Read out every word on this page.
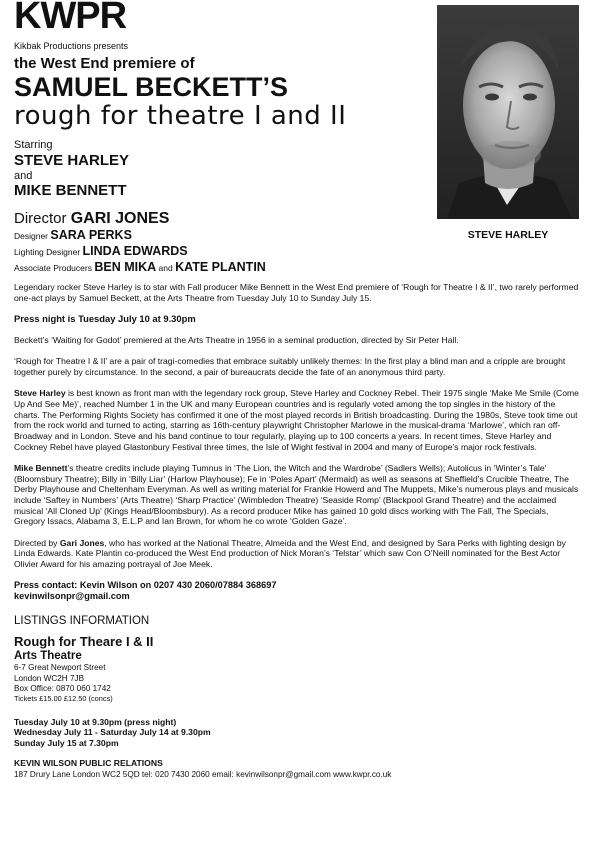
KWPR
Kikbak Productions presents
the West End premiere of
SAMUEL BECKETT’S
rough for theatre I and II
Starring
STEVE HARLEY
and
MIKE BENNETT
Director GARI JONES
Designer SARA PERKS
Lighting Designer LINDA EDWARDS
Associate Producers BEN MIKA and KATE PLANTIN
STEVE HARLEY

Legendary rocker Steve Harley is to star with Fall producer Mike Bennett in the West End premiere of ‘Rough for Theatre I & II’, two rarely performed one-act plays by Samuel Beckett, at the Arts Theatre from Tuesday July 10 to Sunday July 15.

Press night is Tuesday July 10 at 9.30pm

Beckett’s ‘Waiting for Godot’ premiered at the Arts Theatre in 1956 in a seminal production, directed by Sir Peter Hall.

‘Rough for Theatre I & II’ are a pair of tragi-comedies that embrace suitably unlikely themes: In the first play a blind man and a cripple are brought together purely by circumstance. In the second, a pair of bureaucrats decide the fate of an anonymous third party.

Steve Harley is best known as front man with the legendary rock group, Steve Harley and Cockney Rebel. Their 1975 single ‘Make Me Smile (Come Up And See Me)’, reached Number 1 in the UK and many European countries and is regularly voted among the top singles in the history of the charts. The Performing Rights Society has confirmed it one of the most played records in British broadcasting. During the 1980s, Steve took time out from the rock world and turned to acting, starring as 16th-century playwright Christopher Marlowe in the musical-drama ‘Marlowe’, which ran off-Broadway and in London. Steve and his band continue to tour regularly, playing up to 100 concerts a years. In recent times, Steve Harley and Cockney Rebel have played Glastonbury Festival three times, the Isle of Wight festival in 2004 and many of Europe’s major rock festivals.

Mike Bennett’s theatre credits include playing Tumnus in ‘The Lion, the Witch and the Wardrobe’ (Sadlers Wells); Autolicus in ‘Winter’s Tale’ (Bloomsbury Theatre); Billy in ‘Billy Liar’ (Harlow Playhouse); Fe in ‘Poles Apart’ (Mermaid) as well as seasons at Sheffield’s Crucible Theatre, The Derby Playhouse and Cheltenham Everyman. As well as writing material for Frankie Howerd and The Muppets, Mike’s numerous plays and musicals include ‘Saftey in Numbers’ (Arts Theatre) ‘Sharp Practice’ (Wimbledon Theatre) ‘Seaside Romp’ (Blackpool Grand Theatre) and the acclaimed musical ‘All Cloned Up’ (Kings Head/Bloombsbury). As a record producer Mike has gained 10 gold discs working with The Fall, The Specials, Gregory Issacs, Alabama 3, E.L.P and Ian Brown, for whom he co wrote ‘Golden Gaze’.

Directed by Gari Jones, who has worked at the National Theatre, Almeida and the West End, and designed by Sara Perks with lighting design by Linda Edwards. Kate Plantin co-produced the West End production of Nick Moran’s ‘Telstar’ which saw Con O’Neill nominated for the Best Actor Olivier Award for his amazing portrayal of Joe Meek.

Press contact: Kevin Wilson on 0207 430 2060/07884 368697

kevinwilsonpr@gmail.com

LISTINGS INFORMATION

Rough for Theare I & II

Arts Theatre

6-7 Great Newport Street

London WC2H 7JB

Box Office: 0870 060 1742

Tickets £15.00 £12.50 (concs)

Tuesday July 10 at 9.30pm (press night)
Wednesday July 11 - Saturday July 14 at 9.30pm
Sunday July 15 at 7.30pm

KEVIN WILSON PUBLIC RELATIONS

187 Drury Lane London WC2 5QD tel: 020 7430 2060 email: kevinwilsonpr@gmail.com www.kwpr.co.uk
